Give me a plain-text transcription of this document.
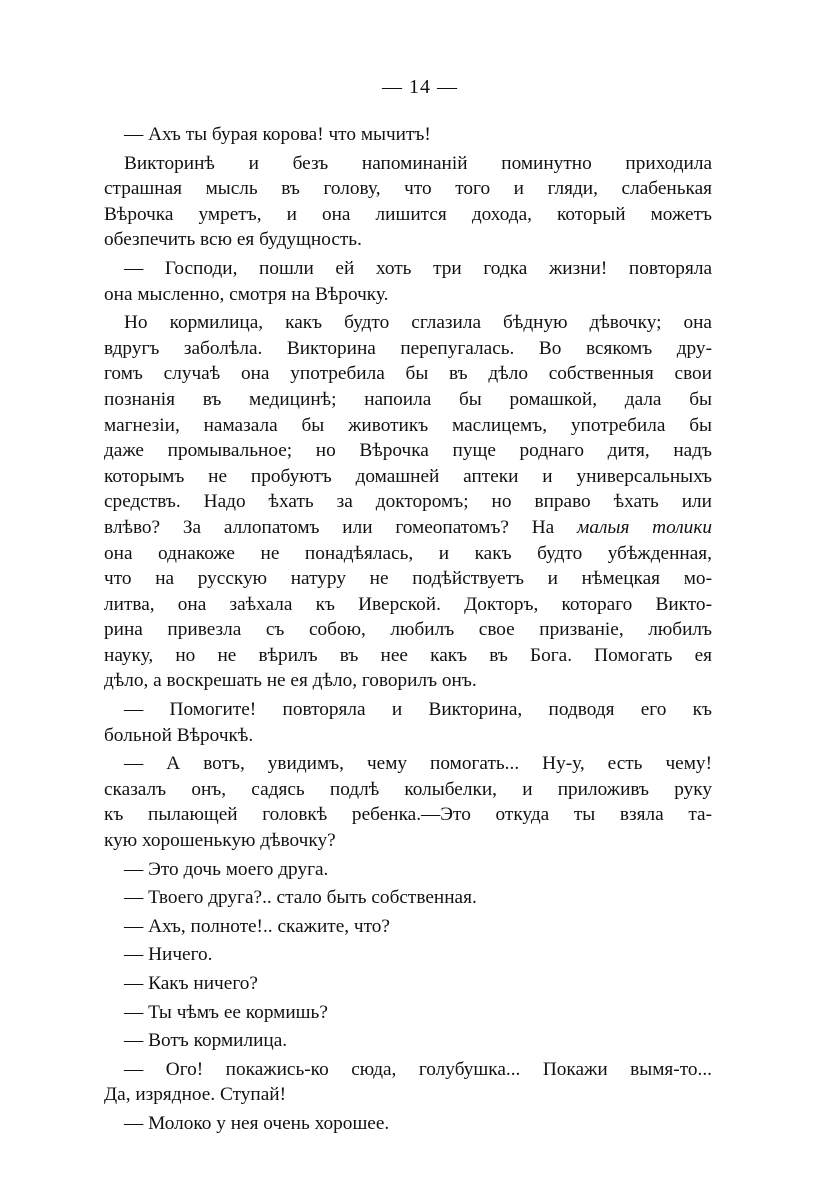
— 14 —
— Ахъ ты бурая корова! что мычитъ!
Викторинѣ и безъ напоминаній поминутно приходила
страшная мысль въ голову, что того и гляди, слабенькая
Вѣрочка умретъ, и она лишится дохода, который можетъ
обезпечить всю ея будущность.
— Господи, пошли ей хоть три годка жизни! повторяла
она мысленно, смотря на Вѣрочку.
Но кормилица, какъ будто сглазила бѣдную дѣвочку; она
вдругъ заболѣла. Викторина перепугалась. Во всякомъ дру-
гомъ случаѣ она употребила бы въ дѣло собственныя свои
познанія въ медицинѣ; напоила бы ромашкой, дала бы
магнезіи, намазала бы животикъ маслицемъ, употребила бы
даже промывальное; но Вѣрочка пуще роднаго дитя, надъ
которымъ не пробуютъ домашней аптеки и универсальныхъ
средствъ. Надо ѣхать за докторомъ; но вправо ѣхать или
влѣво? За аллопатомъ или гомеопатомъ? На малыя толики
она однакоже не понадѣялась, и какъ будто убѣжденная,
что на русскую натуру не подѣйствуетъ и нѣмецкая мо-
литва, она заѣхала къ Иверской. Докторъ, котораго Викто-
рина привезла съ собою, любилъ свое призваніе, любилъ
науку, но не вѣрилъ въ нее какъ въ Бога. Помогать ея
дѣло, а воскрешать не ея дѣло, говорилъ онъ.
— Помогите! повторяла и Викторина, подводя его къ
больной Вѣрочкѣ.
— А вотъ, увидимъ, чему помогать... Ну-у, есть чему!
сказалъ онъ, садясь подлѣ колыбелки, и приложивъ руку
къ пылающей головкѣ ребенка.—Это откуда ты взяла та-
кую хорошенькую дѣвочку?
— Это дочь моего друга.
— Твоего друга?.. стало быть собственная.
— Ахъ, полноте!.. скажите, что?
— Ничего.
— Какъ ничего?
— Ты чѣмъ ее кормишь?
— Вотъ кормилица.
— Ого! покажись-ко сюда, голубушка... Покажи вымя-то...
Да, изрядное. Ступай!
— Молоко у нея очень хорошее.
